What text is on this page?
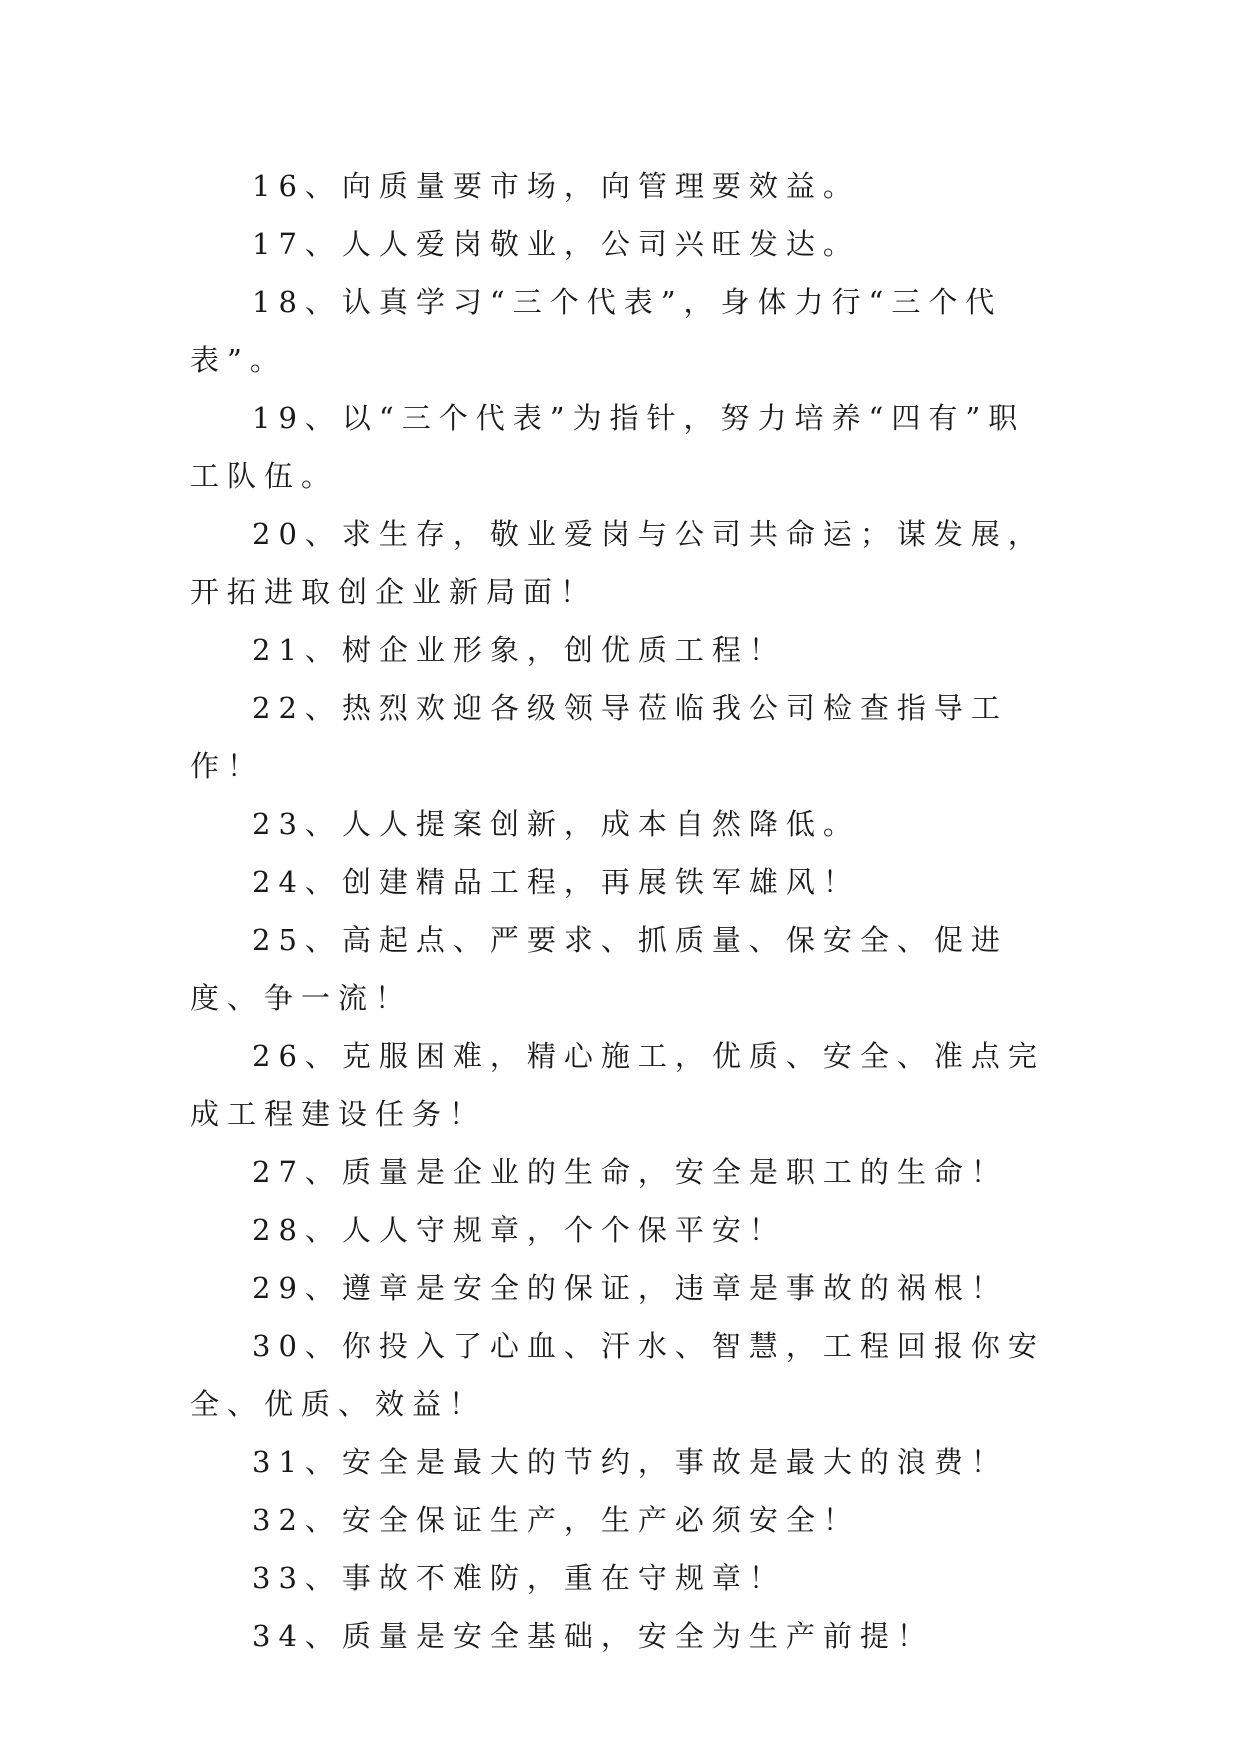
16、向质量要市场，向管理要效益。

17、人人爱岗敬业，公司兴旺发达。

18、认真学习“三个代表”，身体力行“三个代表”。

19、以“三个代表”为指针，努力培养“四有”职工队伍。

20、求生存，敬业爱岗与公司共命运；谋发展，开拓进取创企业新局面！

21、树企业形象，创优质工程！

22、热烈欢迎各级领导莅临我公司检查指导工作！

23、人人提案创新，成本自然降低。

24、创建精品工程，再展铁军雄风！

25、高起点、严要求、抓质量、保安全、促进度、争一流！

26、克服困难，精心施工，优质、安全、准点完成工程建设任务！

27、质量是企业的生命，安全是职工的生命！

28、人人守规章，个个保平安！

29、遵章是安全的保证，违章是事故的祸根！

30、你投入了心血、汗水、智慧，工程回报你安全、优质、效益！

31、安全是最大的节约，事故是最大的浪费！

32、安全保证生产，生产必须安全！

33、事故不难防，重在守规章！

34、质量是安全基础，安全为生产前提！
